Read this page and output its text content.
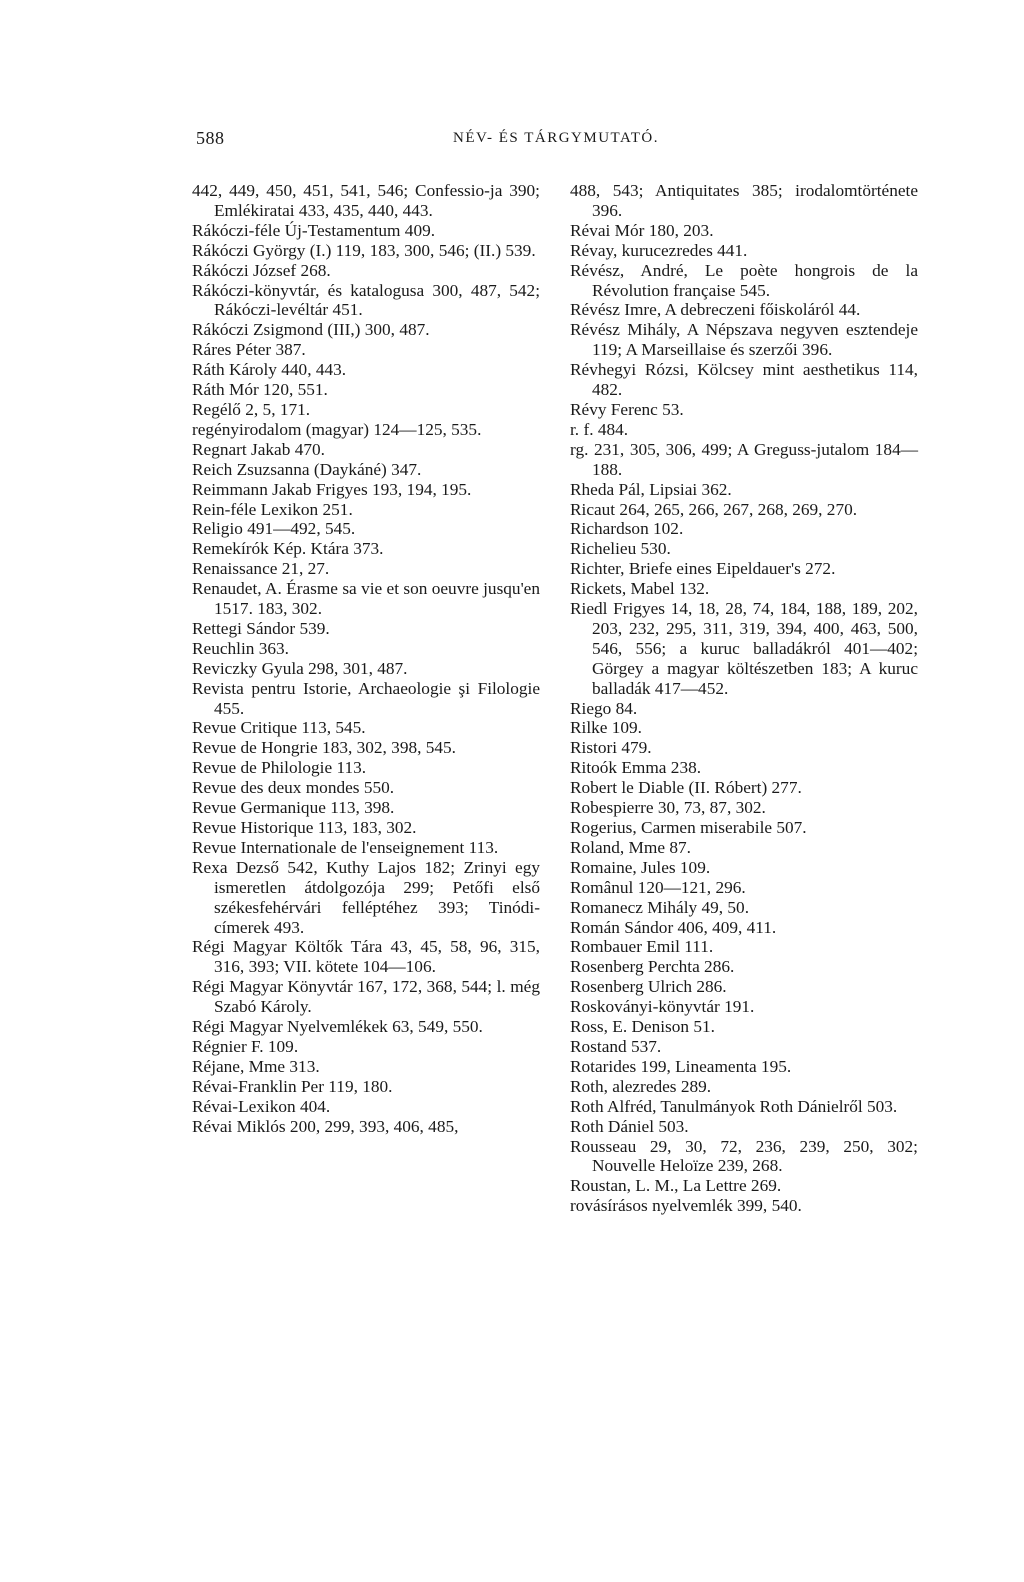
588	NÉV- ÉS TÁRGYMUTATÓ.

442, 449, 450, 451, 541, 546; Confessio-ja 390; Emlékiratai 433, 435, 440, 443.

Rákóczi-féle Új-Testamentum 409.

Rákóczi György (I.) 119, 183, 300, 546; (II.) 539.

Rákóczi József 268.

Rákóczi-könyvtár, és katalogusa 300, 487, 542; Rákóczi-levéltár 451.

Rákóczi Zsigmond (III,) 300, 487.

Ráres Péter 387.

Ráth Károly 440, 443.

Ráth Mór 120, 551.

Regélő 2, 5, 171.

regényirodalom (magyar) 124—125, 535.

Regnart Jakab 470.

Reich Zsuzsanna (Daykáné) 347.

Reimmann Jakab Frigyes 193, 194, 195.

Rein-féle Lexikon 251.

Religio 491—492, 545.

Remekírók Kép. Ktára 373.

Renaissance 21, 27.

Renaudet, A. Érasme sa vie et son oeuvre jusqu'en 1517. 183, 302.

Rettegi Sándor 539.

Reuchlin 363.

Reviczky Gyula 298, 301, 487.

Revista pentru Istorie, Archaeologie şi Filologie 455.

Revue Critique 113, 545.

Revue de Hongrie 183, 302, 398, 545.

Revue de Philologie 113.

Revue des deux mondes 550.

Revue Germanique 113, 398.

Revue Historique 113, 183, 302.

Revue Internationale de l'enseignement 113.

Rexa Dezső 542, Kuthy Lajos 182; Zrinyi egy ismeretlen átdolgozója 299; Petőfi első székesfehérvári felléptéhez 393; Tinódi-címerek 493.

Régi Magyar Költők Tára 43, 45, 58, 96, 315, 316, 393; VII. kötete 104—106.

Régi Magyar Könyvtár 167, 172, 368, 544; l. még Szabó Károly.

Régi Magyar Nyelvemlékek 63, 549, 550.

Régnier F. 109.

Réjane, Mme 313.

Révai-Franklin Per 119, 180.

Révai-Lexikon 404.

Révai Miklós 200, 299, 393, 406, 485,

488, 543; Antiquitates 385; irodalomtörténete 396.

Révai Mór 180, 203.

Révay, kurucezredes 441.

Révész, André, Le poète hongrois de la Révolution française 545.

Révész Imre, A debreczeni főiskoláról 44.

Révész Mihály, A Népszava negyven esztendeje 119; A Marseillaise és szerzői 396.

Révhegyi Rózsi, Kölcsey mint aesthetikus 114, 482.

Révy Ferenc 53.

r. f. 484.

rg. 231, 305, 306, 499; A Greguss-jutalom 184—188.

Rheda Pál, Lipsiai 362.

Ricaut 264, 265, 266, 267, 268, 269, 270.

Richardson 102.

Richelieu 530.

Richter, Briefe eines Eipeldauer's 272.

Rickets, Mabel 132.

Riedl Frigyes 14, 18, 28, 74, 184, 188, 189, 202, 203, 232, 295, 311, 319, 394, 400, 463, 500, 546, 556; a kuruc balladákról 401—402; Görgey a magyar költészetben 183; A kuruc balladák 417—452.

Riego 84.

Rilke 109.

Ristori 479.

Ritoók Emma 238.

Robert le Diable (II. Róbert) 277.

Robespierre 30, 73, 87, 302.

Rogerius, Carmen miserabile 507.

Roland, Mme 87.

Romaine, Jules 109.

Românul 120—121, 296.

Romanecz Mihály 49, 50.

Román Sándor 406, 409, 411.

Rombauer Emil 111.

Rosenberg Perchta 286.

Rosenberg Ulrich 286.

Roskoványi-könyvtár 191.

Ross, E. Denison 51.

Rostand 537.

Rotarides 199, Lineamenta 195.

Roth, alezredes 289.

Roth Alfréd, Tanulmányok Roth Dánielről 503.

Roth Dániel 503.

Rousseau 29, 30, 72, 236, 239, 250, 302; Nouvelle Heloïze 239, 268.

Roustan, L. M., La Lettre 269.

rovásírásos nyelvemlék 399, 540.
